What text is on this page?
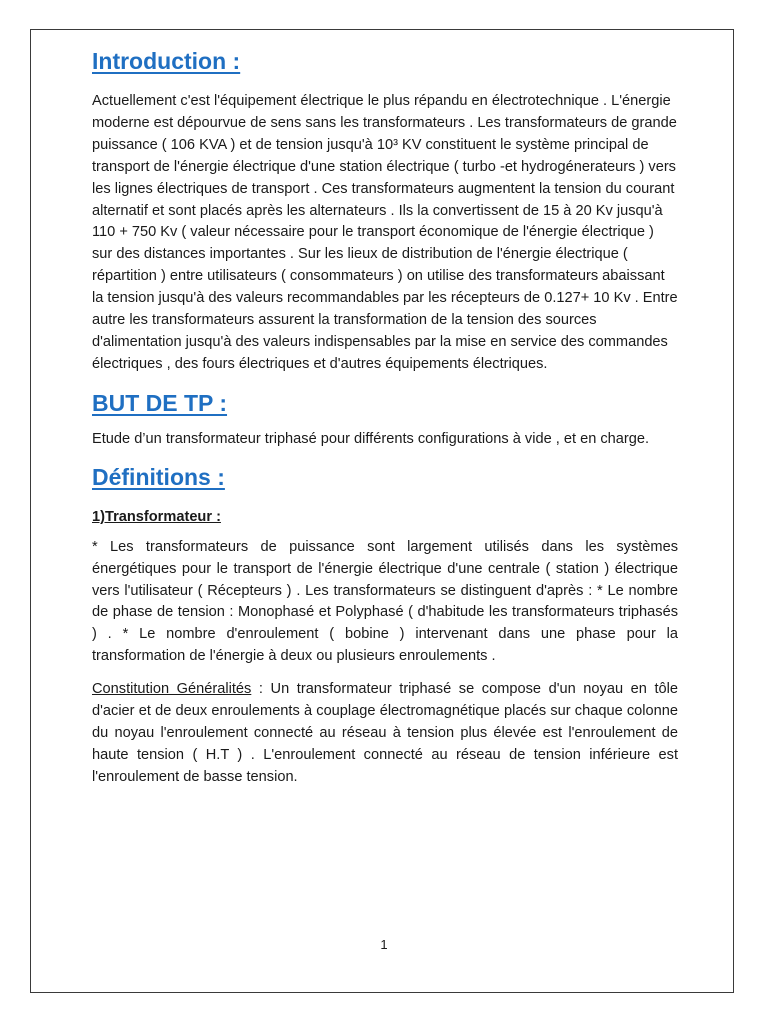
Introduction :

Actuellement c'est l'équipement électrique le plus répandu en électrotechnique . L'énergie moderne est dépourvue de sens sans les transformateurs . Les transformateurs de grande puissance ( 106 KVA ) et de tension jusqu'à 10³ KV constituent le système principal de transport de l'énergie électrique d'une station électrique ( turbo -et hydrogénerateurs ) vers les lignes électriques de transport . Ces transformateurs augmentent la tension du courant alternatif et sont placés après les alternateurs . Ils la convertissent de 15 à 20 Kv jusqu'à 110 + 750 Kv ( valeur nécessaire pour le transport économique de l'énergie électrique ) sur des distances importantes . Sur les lieux de distribution de l'énergie électrique ( répartition ) entre utilisateurs ( consommateurs ) on utilise des transformateurs abaissant la tension jusqu'à des valeurs recommandables par les récepteurs de 0.127+ 10 Kv . Entre autre les transformateurs assurent la transformation de la tension des sources d'alimentation jusqu'à des valeurs indispensables par la mise en service des commandes électriques , des fours électriques et d'autres équipements électriques.

BUT DE TP :

Etude d’un transformateur triphasé pour différents configurations à vide , et en charge.

Définitions :

1)Transformateur :

* Les transformateurs de puissance sont largement utilisés dans les systèmes énergétiques pour le transport de l'énergie électrique d'une centrale ( station ) électrique vers l'utilisateur ( Récepteurs ) . Les transformateurs se distinguent d'après : * Le nombre de phase de tension : Monophasé et Polyphasé ( d'habitude les transformateurs triphasés ) . * Le nombre d'enroulement ( bobine ) intervenant dans une phase pour la transformation de l'énergie à deux ou plusieurs enroulements .

Constitution Généralités : Un transformateur triphasé se compose d'un noyau en tôle d'acier et de deux enroulements à couplage électromagnétique placés sur chaque colonne du noyau l'enroulement connecté au réseau à tension plus élevée est l'enroulement de haute tension ( H.T ) . L'enroulement connecté au réseau de tension inférieure est l'enroulement de basse tension.

1
